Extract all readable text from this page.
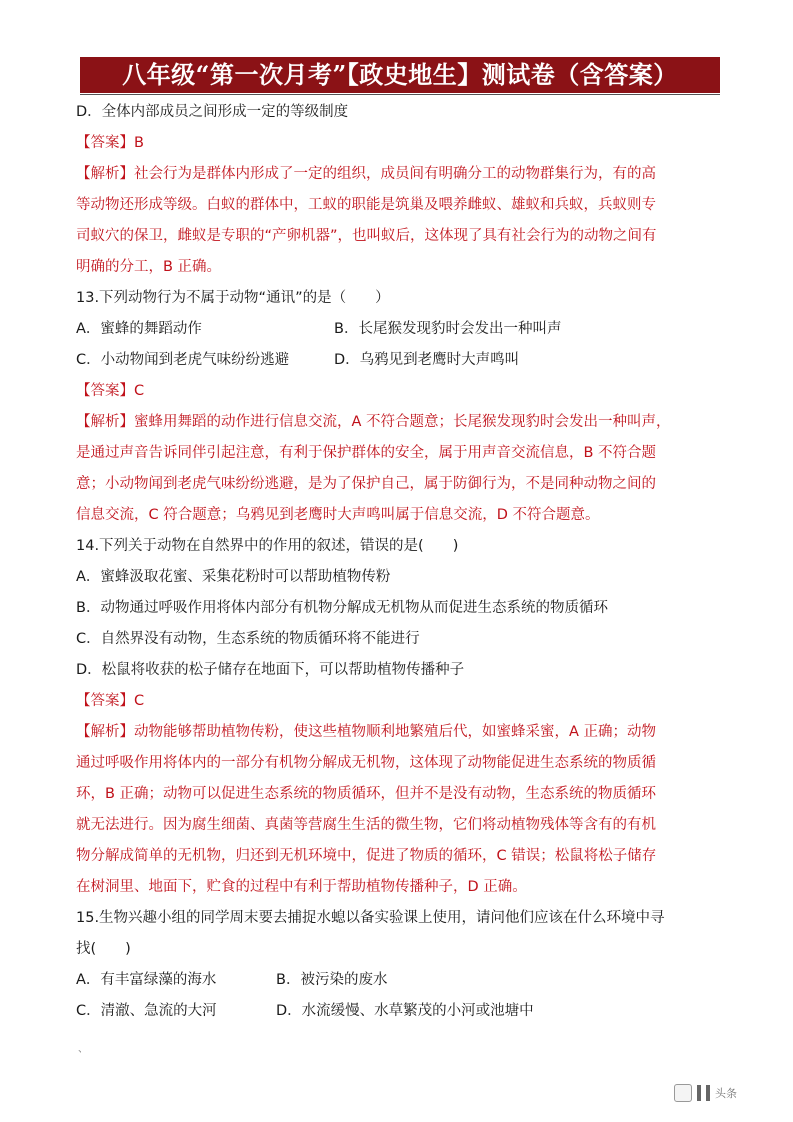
八年级“第一次月考”【政史地生】测试卷（含答案）
D．全体内部成员之间形成一定的等级制度
【答案】B
【解析】社会行为是群体内形成了一定的组织，成员间有明确分工的动物群集行为，有的高
等动物还形成等级。白蚁的群体中，工蚁的职能是筑巢及喂养雌蚁、雄蚁和兵蚁，兵蚁则专
司蚁穴的保卫，雌蚁是专职的“产卵机器”，也叫蚁后，这体现了具有社会行为的动物之间有
明确的分工，B 正确。
13.下列动物行为不属于动物“通讯”的是（　　）
A．蜜蜂的舞蹈动作	B．长尾猴发现豹时会发出一种叫声
C．小动物闻到老虎气味纷纷逃避	D．乌鸦见到老鹰时大声鸣叫
【答案】C
【解析】蜜蜂用舞蹈的动作进行信息交流，A 不符合题意；长尾猴发现豹时会发出一种叫声，
是通过声音告诉同伴引起注意，有利于保护群体的安全，属于用声音交流信息，B 不符合题
意；小动物闻到老虎气味纷纷逃避，是为了保护自己，属于防御行为，不是同种动物之间的
信息交流，C 符合题意；乌鸦见到老鹰时大声鸣叫属于信息交流，D 不符合题意。
14.下列关于动物在自然界中的作用的叙述，错误的是(　　)
A．蜜蜂汲取花蜜、采集花粉时可以帮助植物传粉
B．动物通过呼吸作用将体内部分有机物分解成无机物从而促进生态系统的物质循环
C．自然界没有动物，生态系统的物质循环将不能进行
D．松鼠将收获的松子储存在地面下，可以帮助植物传播种子
【答案】C
【解析】动物能够帮助植物传粉，使这些植物顺利地繁殖后代，如蜜蜂采蜜，A 正确；动物
通过呼吸作用将体内的一部分有机物分解成无机物，这体现了动物能促进生态系统的物质循
环，B 正确；动物可以促进生态系统的物质循环，但并不是没有动物，生态系统的物质循环
就无法进行。因为腐生细菌、真菌等营腐生生活的微生物，它们将动植物残体等含有的有机
物分解成简单的无机物，归还到无机环境中，促进了物质的循环，C 错误；松鼠将松子储存
在树洞里、地面下，贮食的过程中有利于帮助植物传播种子，D 正确。
15.生物兴趣小组的同学周末要去捕捉水螅以备实验课上使用，请问他们应该在什么环境中寻
找(　　)
A．有丰富绿藻的海水	B．被污染的废水
C．清澈、急流的大河	D．水流缓慢、水草繁茂的小河或池塘中
、
头条
